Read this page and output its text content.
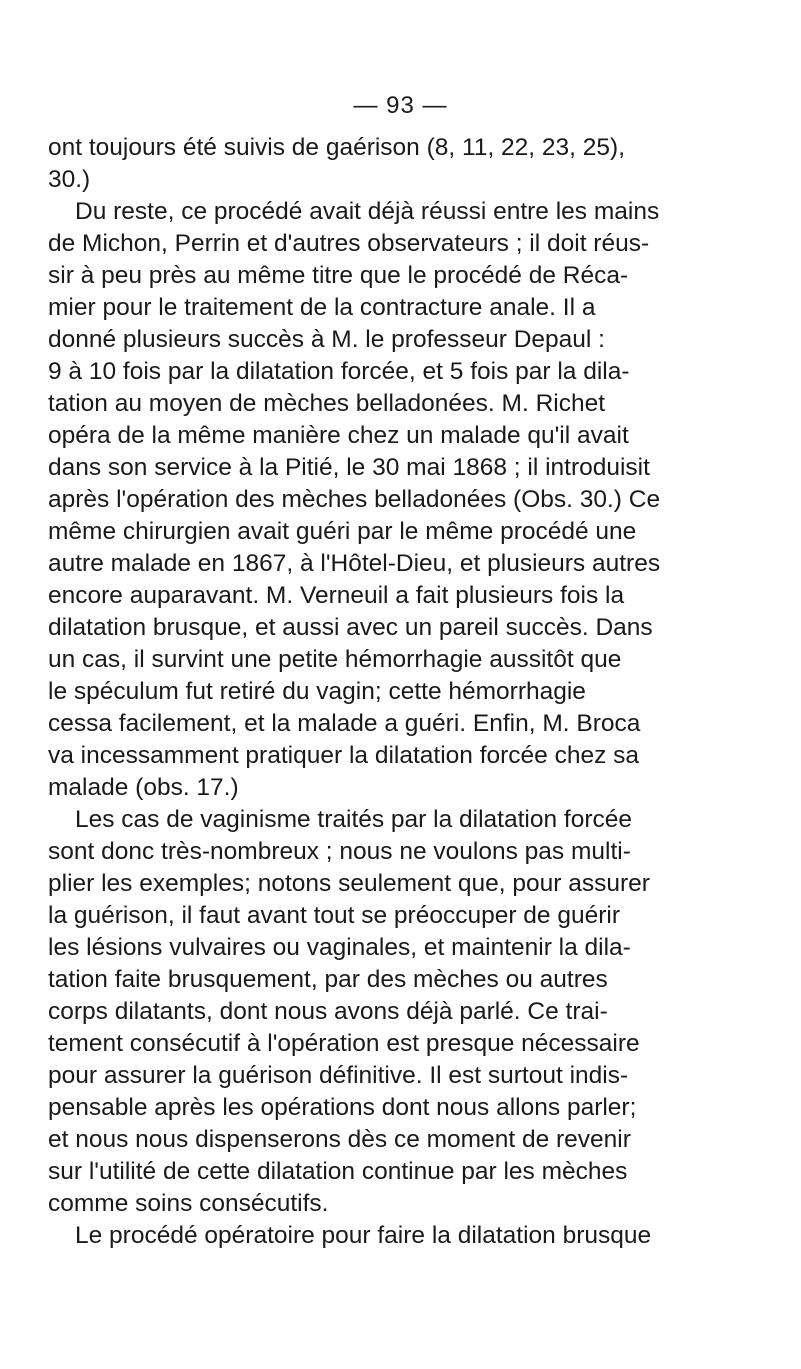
— 93 —
ont toujours été suivis de gaérison (8, 11, 22, 23, 25),
30.)
Du reste, ce procédé avait déjà réussi entre les mains
de Michon, Perrin et d'autres observateurs ; il doit réus-
sir à peu près au même titre que le procédé de Réca-
mier pour le traitement de la contracture anale. Il a
donné plusieurs succès à M. le professeur Depaul :
9 à 10 fois par la dilatation forcée, et 5 fois par la dila-
tation au moyen de mèches belladonées. M. Richet
opéra de la même manière chez un malade qu'il avait
dans son service à la Pitié, le 30 mai 1868 ; il introduisit
après l'opération des mèches belladonées (Obs. 30.) Ce
même chirurgien avait guéri par le même procédé une
autre malade en 1867, à l'Hôtel-Dieu, et plusieurs autres
encore auparavant. M. Verneuil a fait plusieurs fois la
dilatation brusque, et aussi avec un pareil succès. Dans
un cas, il survint une petite hémorrhagie aussitôt que
le spéculum fut retiré du vagin; cette hémorrhagie
cessa facilement, et la malade a guéri. Enfin, M. Broca
va incessamment pratiquer la dilatation forcée chez sa
malade (obs. 17.)
Les cas de vaginisme traités par la dilatation forcée
sont donc très-nombreux ; nous ne voulons pas multi-
plier les exemples; notons seulement que, pour assurer
la guérison, il faut avant tout se préoccuper de guérir
les lésions vulvaires ou vaginales, et maintenir la dila-
tation faite brusquement, par des mèches ou autres
corps dilatants, dont nous avons déjà parlé. Ce trai-
tement consécutif à l'opération est presque nécessaire
pour assurer la guérison définitive. Il est surtout indis-
pensable après les opérations dont nous allons parler;
et nous nous dispenserons dès ce moment de revenir
sur l'utilité de cette dilatation continue par les mèches
comme soins consécutifs.
Le procédé opératoire pour faire la dilatation brusque
